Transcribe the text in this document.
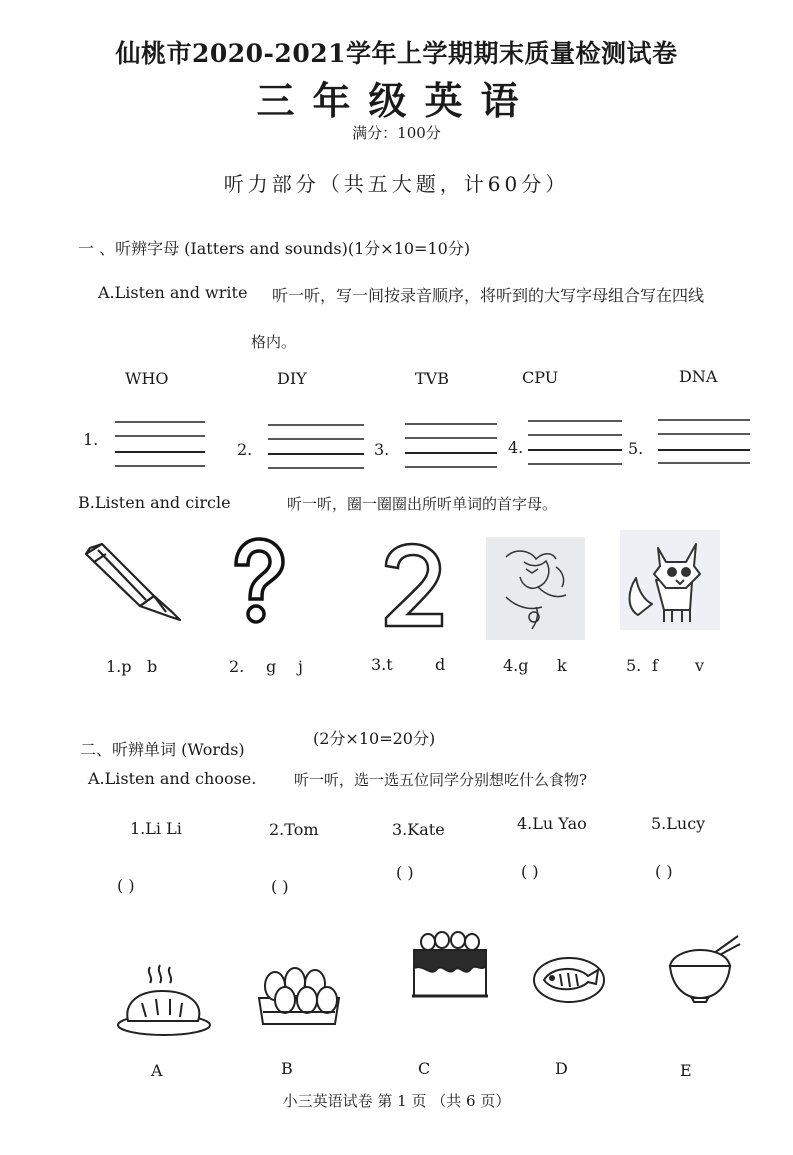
仙桃市2020-2021学年上学期期末质量检测试卷
三年级英语
满分：100分
听力部分（共五大题，计60分）
一 、听辨字母 (Iatters and sounds)(1分×10=10分)
A.Listen and write 听一听，写一间按录音顺序，将听到的大写字母组合写在四线
格内。
WHO	DIY	TVB	CPU	DNA
1.
2.	3.	4.	5.
B.Listen and circle	听一听，圈一圈圈出所听单词的首字母。
1.p b	2. g j	3.t	d	4.g k	5. f v
二、听辨单词 (Words)
(2分×10=20分)
A.Listen and choose.	听一听，选一选五位同学分别想吃什么食物?
1.Li Li	2.Tom	3.Kate	4.Lu Yao	5.Lucy
( )	( )
( )	( )	( )
A	B	C	D	E
小三英语试卷 第 1 页 （共 6 页）
